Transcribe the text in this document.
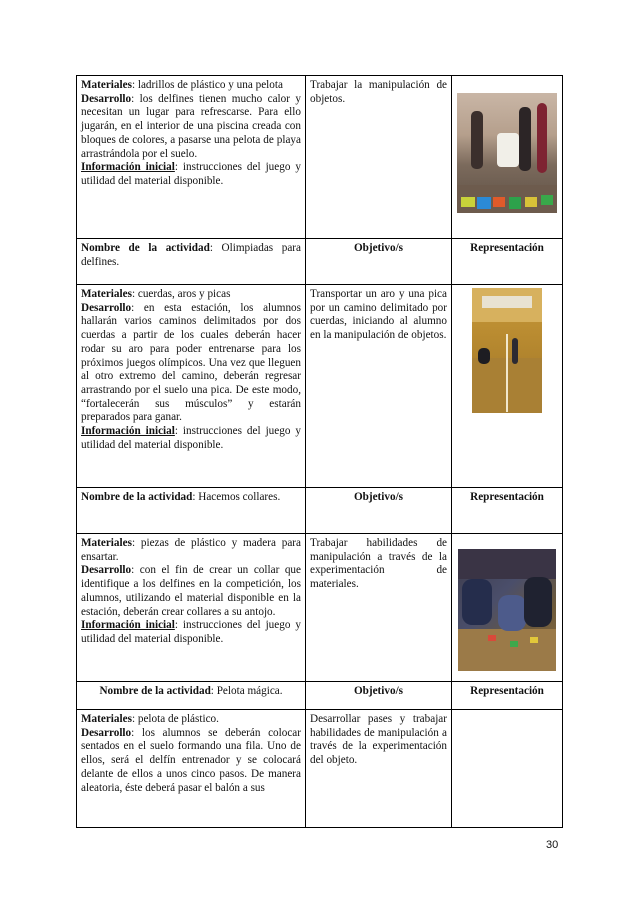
Materiales: ladrillos de plástico y una pelota
Desarrollo: los delfines tienen mucho calor y necesitan un lugar para refrescarse. Para ello jugarán, en el interior de una piscina creada con bloques de colores, a pasarse una pelota de playa arrastrándola por el suelo.
Información inicial: instrucciones del juego y utilidad del material disponible.	Trabajar la manipulación de objetos.	

Nombre de la actividad: Olimpiadas para delfines.	Objetivo/s	Representación
Materiales: cuerdas, aros y picas
Desarrollo: en esta estación, los alumnos hallarán varios caminos delimitados por dos cuerdas a partir de los cuales deberán hacer rodar su aro para poder entrenarse para los próximos juegos olímpicos. Una vez que lleguen al otro extremo del camino, deberán regresar arrastrando por el suelo una pica. De este modo, “fortalecerán sus músculos” y estarán preparados para ganar.
Información inicial: instrucciones del juego y utilidad del material disponible.	Transportar un aro y una pica por un camino delimitado por cuerdas, iniciando al alumno en la manipulación de objetos.	

Nombre de la actividad: Hacemos collares.	Objetivo/s	Representación
Materiales: piezas de plástico y madera para ensartar.
Desarrollo: con el fin de crear un collar que identifique a los delfines en la competición, los alumnos, utilizando el material disponible en la estación, deberán crear collares a su antojo.
Información inicial: instrucciones del juego y utilidad del material disponible.	Trabajar habilidades de manipulación a través de la experimentación de materiales.	

Nombre de la actividad: Pelota mágica.	Objetivo/s	Representación
Materiales: pelota de plástico.
Desarrollo: los alumnos se deberán colocar sentados en el suelo formando una fila. Uno de ellos, será el delfín entrenador y se colocará delante de ellos a unos cinco pasos. De manera aleatoria, éste deberá pasar el balón a sus	Desarrollar pases y trabajar habilidades de manipulación a través de la experimentación del objeto.	
30
